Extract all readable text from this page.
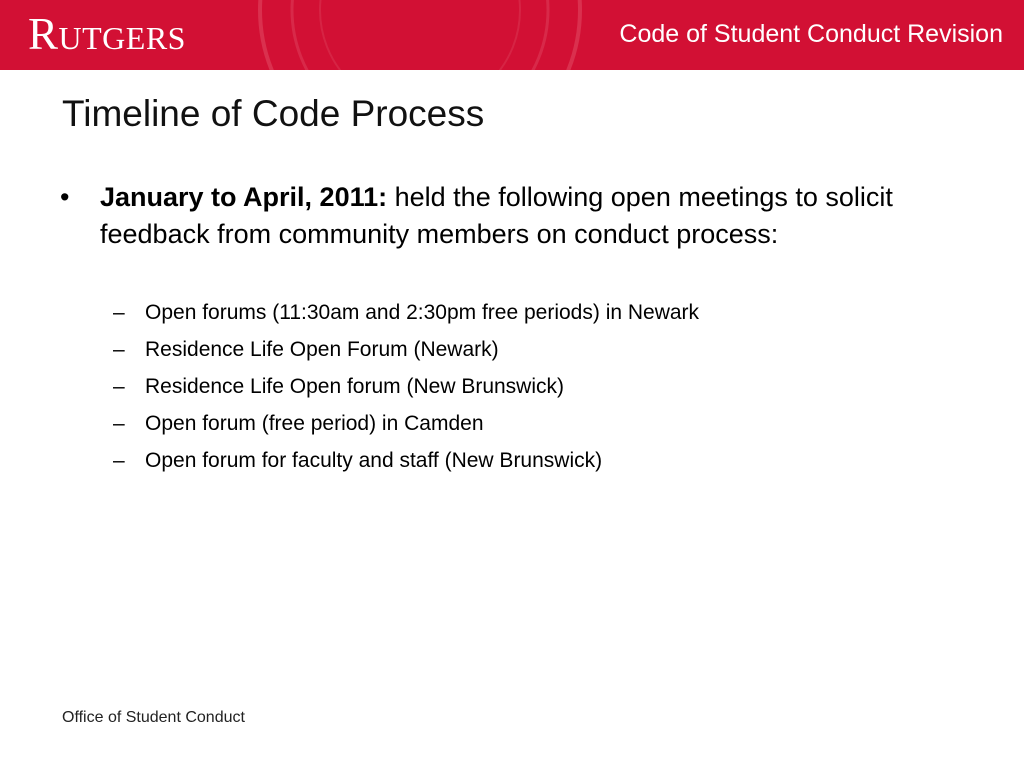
RUTGERS	Code of Student Conduct Revision
Timeline of Code Process
• January to April, 2011: held the following open meetings to solicit feedback from community members on conduct process:
– Open forums (11:30am and 2:30pm free periods) in Newark
– Residence Life Open Forum (Newark)
– Residence Life Open forum (New Brunswick)
– Open forum (free period) in Camden
– Open forum for faculty and staff (New Brunswick)
Office of Student Conduct
